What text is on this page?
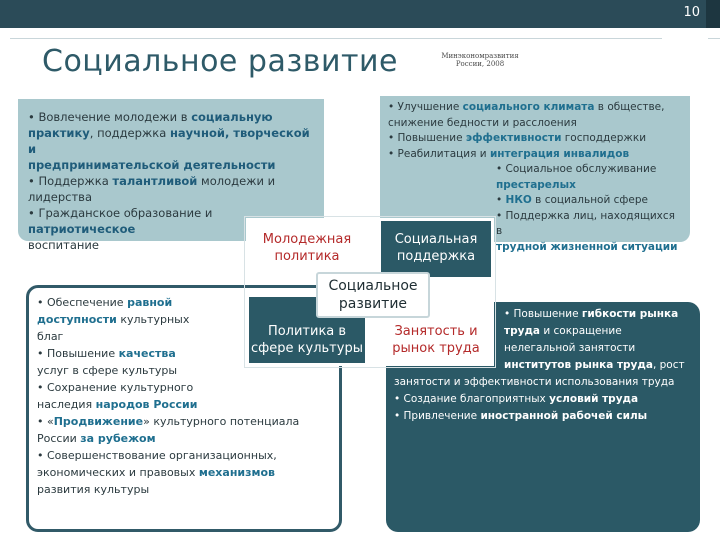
10
Социальное развитие	Минэкономразвития России, 2008
• Вовлечение молодежи в социальную
практику, поддержка научной, творческой и
предпринимательской деятельности
• Поддержка талантливой молодежи и
лидерства
• Гражданское образование и патриотическое
воспитание
• Улучшение социального климата в обществе,
снижение бедности и расслоения
• Повышение эффективности господдержки
• Реабилитация и интеграция инвалидов
• Социальное обслуживание
престарелых
• НКО в социальной сфере
• Поддержка лиц, находящихся в
трудной жизненной ситуации
• Обеспечение равной
доступности культурных
благ
• Повышение качества
услуг в сфере культуры
• Сохранение культурного
наследия народов России
• «Продвижение» культурного потенциала
России за рубежом
• Совершенствование организационных,
экономических и правовых механизмов
развития культуры
• Повышение гибкости рынка
труда и сокращение
нелегальной занятости
институтов рынка труда, рост
занятости и эффективности использования труда
• Создание благоприятных условий труда
• Привлечение иностранной рабочей силы
Молодежная политика
Социальная поддержка
Политика в сфере культуры
Занятость и рынок труда
Социальное развитие
